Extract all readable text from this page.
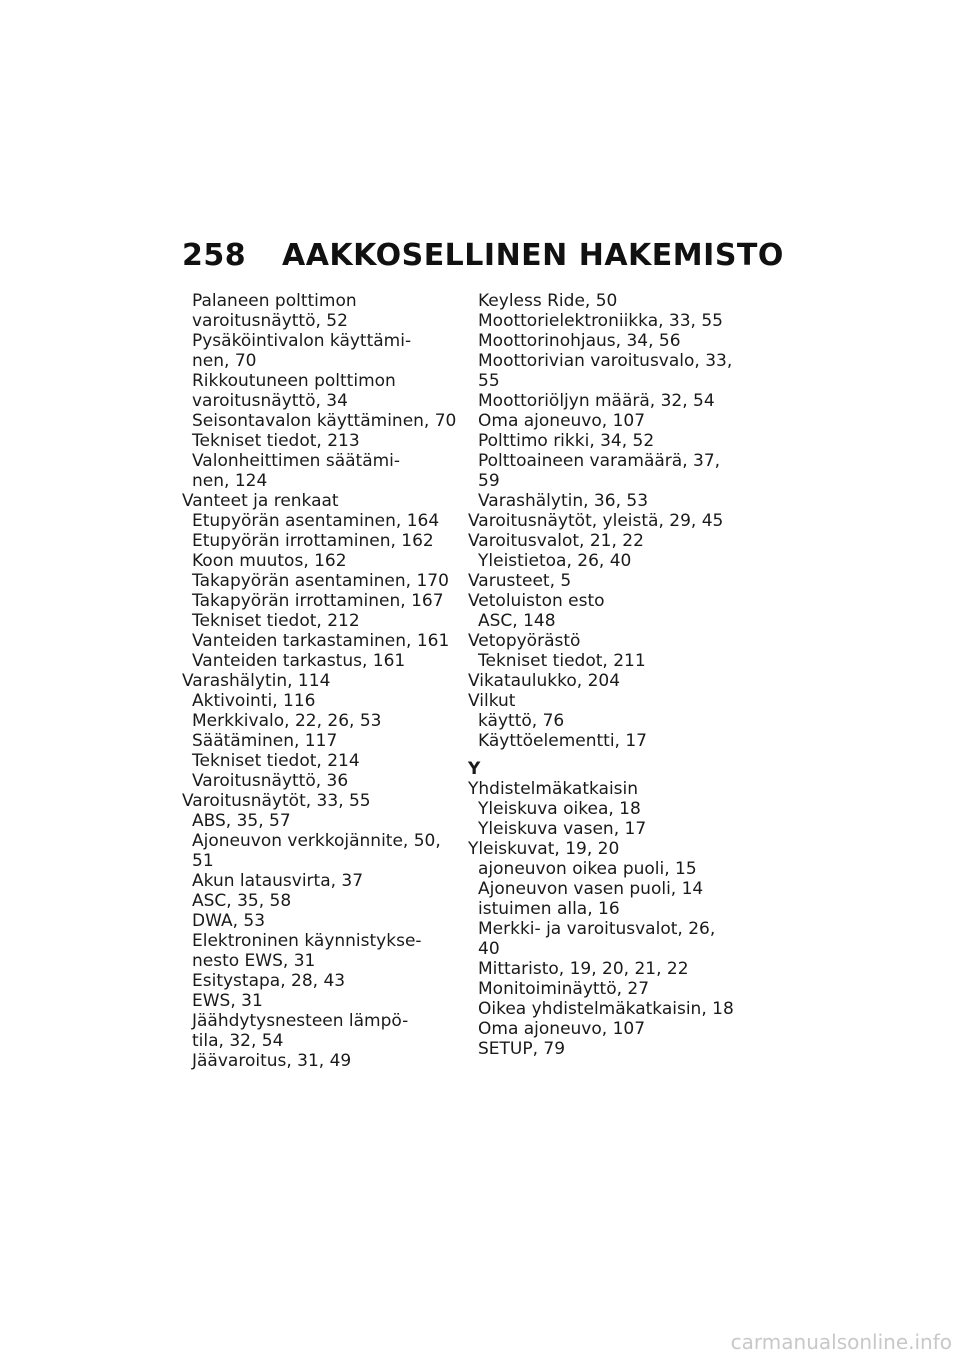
258	AAKKOSELLINEN HAKEMISTO
Palaneen polttimon
varoitusnäyttö, 52
Pysäköintivalon käyttämi-
nen, 70
Rikkoutuneen polttimon
varoitusnäyttö, 34
Seisontavalon käyttäminen, 70
Tekniset tiedot, 213
Valonheittimen säätämi-
nen, 124
Vanteet ja renkaat
Etupyörän asentaminen, 164
Etupyörän irrottaminen, 162
Koon muutos, 162
Takapyörän asentaminen, 170
Takapyörän irrottaminen, 167
Tekniset tiedot, 212
Vanteiden tarkastaminen, 161
Vanteiden tarkastus, 161
Varashälytin, 114
Aktivointi, 116
Merkkivalo, 22, 26, 53
Säätäminen, 117
Tekniset tiedot, 214
Varoitusnäyttö, 36
Varoitusnäytöt, 33, 55
ABS, 35, 57
Ajoneuvon verkkojännite, 50,
51
Akun latausvirta, 37
ASC, 35, 58
DWA, 53
Elektroninen käynnistykse-
nesto EWS, 31
Esitystapa, 28, 43
EWS, 31
Jäähdytysnesteen lämpö-
tila, 32, 54
Jäävaroitus, 31, 49
Keyless Ride, 50
Moottorielektroniikka, 33, 55
Moottorinohjaus, 34, 56
Moottorivian varoitusvalo, 33,
55
Moottoriöljyn määrä, 32, 54
Oma ajoneuvo, 107
Polttimo rikki, 34, 52
Polttoaineen varamäärä, 37,
59
Varashälytin, 36, 53
Varoitusnäytöt, yleistä, 29, 45
Varoitusvalot, 21, 22
Yleistietoa, 26, 40
Varusteet, 5
Vetoluiston esto
ASC, 148
Vetopyörästö
Tekniset tiedot, 211
Vikataulukko, 204
Vilkut
käyttö, 76
Käyttöelementti, 17
Y
Yhdistelmäkatkaisin
Yleiskuva oikea, 18
Yleiskuva vasen, 17
Yleiskuvat, 19, 20
ajoneuvon oikea puoli, 15
Ajoneuvon vasen puoli, 14
istuimen alla, 16
Merkki- ja varoitusvalot, 26,
40
Mittaristo, 19, 20, 21, 22
Monitoiminäyttö, 27
Oikea yhdistelmäkatkaisin, 18
Oma ajoneuvo, 107
SETUP, 79
carmanualsonline.info
